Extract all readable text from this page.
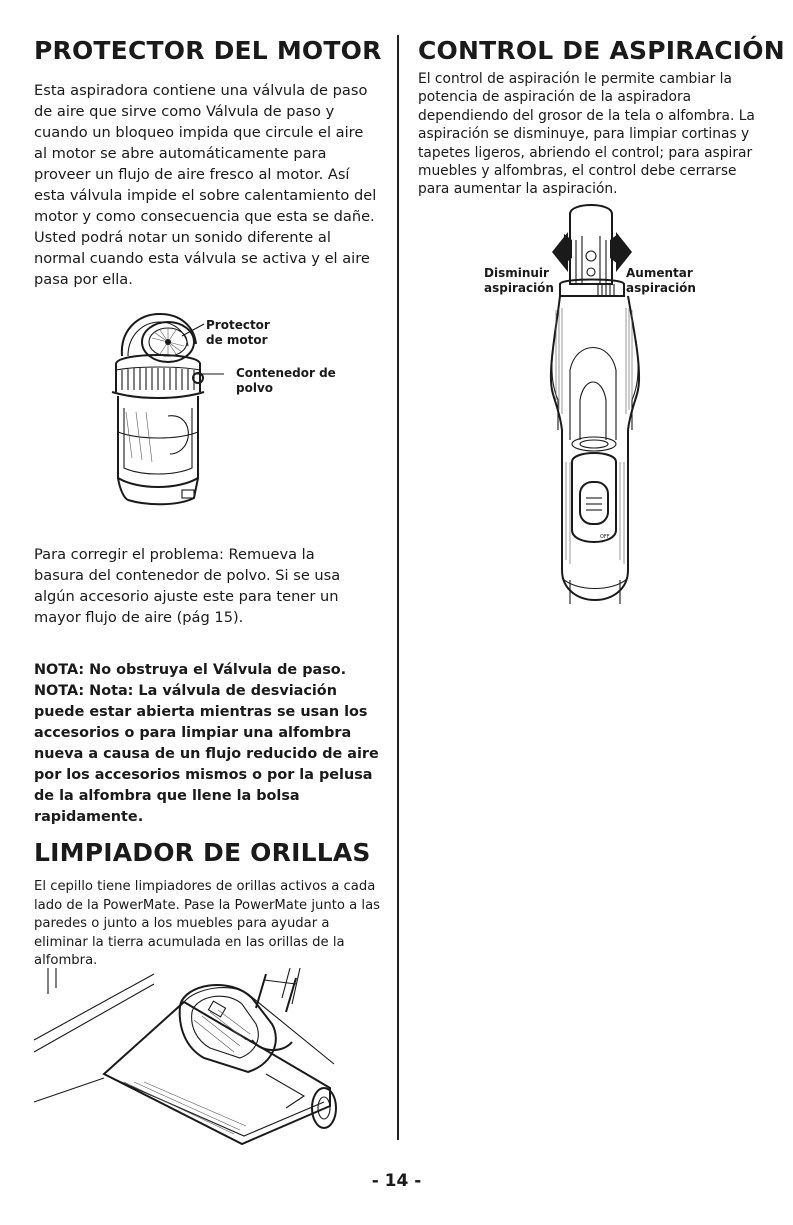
PROTECTOR DEL MOTOR

Esta aspiradora contiene una válvula de paso de aire que sirve como Válvula de paso y cuando un bloqueo impida que circule el aire al motor se abre automáticamente para proveer un flujo de aire fresco al motor. Así esta válvula impide el sobre calentamiento del motor y como consecuencia que esta se dañe. Usted podrá notar un sonido diferente al normal cuando esta válvula se activa y el aire pasa por ella.

Protector
de motor
Contenedor de
polvo

Para corregir el problema: Remueva la basura del contenedor de polvo. Si se usa algún accesorio ajuste este para tener un mayor flujo de aire (pág 15).

NOTA: No obstruya el Válvula de paso.

NOTA: Nota: La válvula de desviación puede estar abierta mientras se usan los accesorios o para limpiar una alfombra nueva a causa de un flujo reducido de aire por los accesorios mismos o por la pelusa de la alfombra que llene la bolsa rapidamente.

LIMPIADOR DE ORILLAS

El cepillo tiene limpiadores de orillas activos a cada lado de la PowerMate. Pase la PowerMate junto a las paredes o junto a los muebles para ayudar a eliminar la tierra acumulada en las orillas de la alfombra.

CONTROL DE ASPIRACIÓN

El control de aspiración le permite cambiar la potencia de aspiración de la aspiradora dependiendo del grosor de la tela o alfombra. La aspiración se disminuye, para limpiar cortinas y tapetes ligeros, abriendo el control; para aspirar muebles y alfombras, el control debe cerrarse para aumentar la aspiración.

Disminuir
aspiración
Aumentar
aspiración
OFF
- 14 -
